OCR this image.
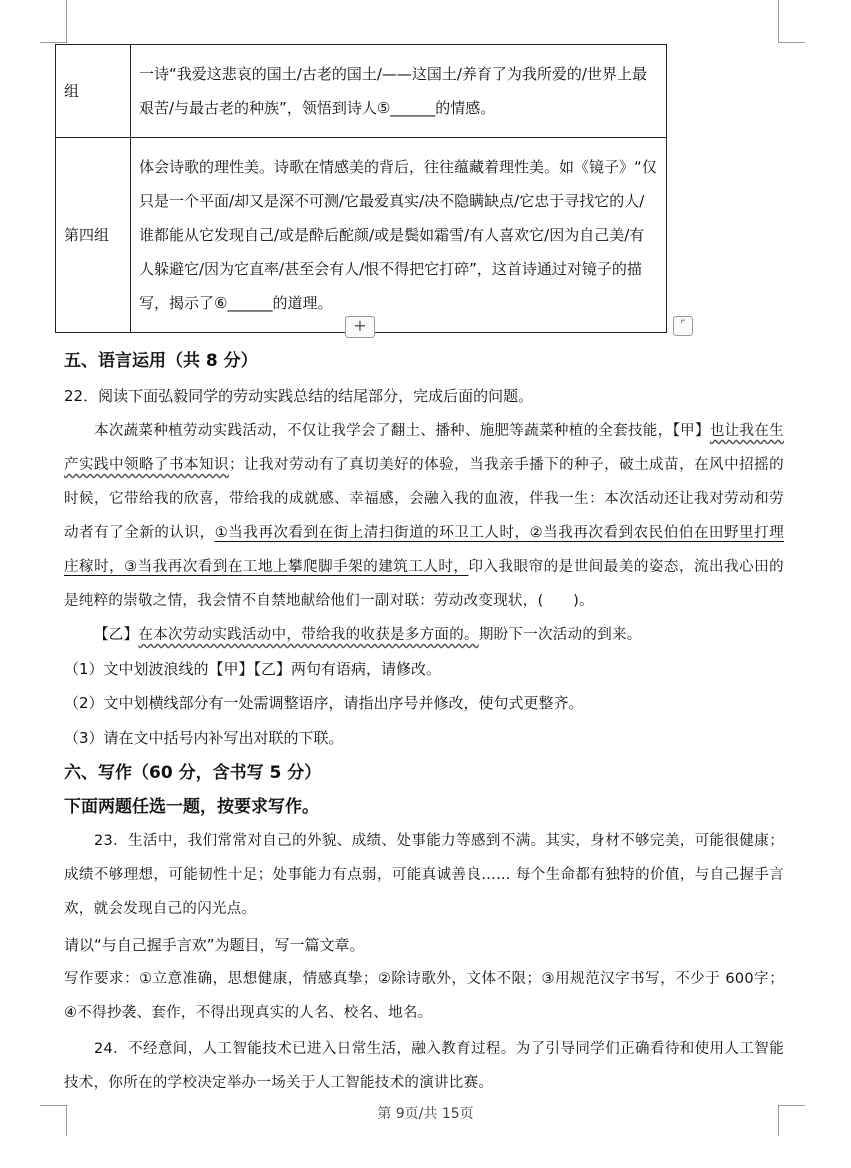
组	一诗“我爱这悲哀的国土/古老的国土/——这国土/养育了为我所爱的/世界上最艰苦/与最古老的种族”，领悟到诗人⑤______的情感。
第四组	体会诗歌的理性美。诗歌在情感美的背后，往往蕴藏着理性美。如《镜子》“仅只是一个平面/却又是深不可测/它最爱真实/决不隐瞒缺点/它忠于寻找它的人/谁都能从它发现自己/或是酔后酡颜/或是鬓如霜雪/有人喜欢它/因为自己美/有人躲避它/因为它直率/甚至会有人/恨不得把它打碎”，这首诗通过对镜子的描写，揭示了⑥______的道理。
+	⌜
五、语言运用（共 8 分）
22．阅读下面弘毅同学的劳动实践总结的结尾部分，完成后面的问题。
本次蔬菜种植劳动实践活动，不仅让我学会了翻土、播种、施肥等蔬菜种植的全套技能，【甲】也让我在生产实践中领略了书本知识；让我对劳动有了真切美好的体验，当我亲手播下的种子，破土成苗，在风中招摇的时候，它带给我的欣喜，带给我的成就感、幸福感，会融入我的血液，伴我一生：本次活动还让我对劳动和劳动者有了全新的认识，①当我再次看到在街上清扫街道的环卫工人时，②当我再次看到农民伯伯在田野里打理庄稼时，③当我再次看到在工地上攀爬脚手架的建筑工人时，印入我眼帘的是世间最美的姿态，流出我心田的是纯粹的崇敬之情，我会情不自禁地献给他们一副对联：劳动改变现状，(　　)。
【乙】在本次劳动实践活动中，带给我的收获是多方面的。期盼下一次活动的到来。
（1）文中划波浪线的【甲】【乙】两句有语病，请修改。
（2）文中划横线部分有一处需调整语序，请指出序号并修改，使句式更整齐。
（3）请在文中括号内补写出对联的下联。
六、写作（60 分，含书写 5 分）
下面两题任选一题，按要求写作。
23．生活中，我们常常对自己的外貌、成绩、处事能力等感到不满。其实，身材不够完美，可能很健康；成绩不够理想，可能韧性十足；处事能力有点弱，可能真诚善良…… 每个生命都有独特的价值，与自己握手言欢，就会发现自己的闪光点。
请以“与自己握手言欢”为题目，写一篇文章。
写作要求：①立意准确，思想健康，情感真挚；②除诗歌外，文体不限；③用规范汉字书写，不少于 600字；④不得抄袭、套作，不得出现真实的人名、校名、地名。
24．不经意间，人工智能技术已进入日常生活，融入教育过程。为了引导同学们正确看待和使用人工智能技术，你所在的学校决定举办一场关于人工智能技术的演讲比赛。
第 9页/共 15页
